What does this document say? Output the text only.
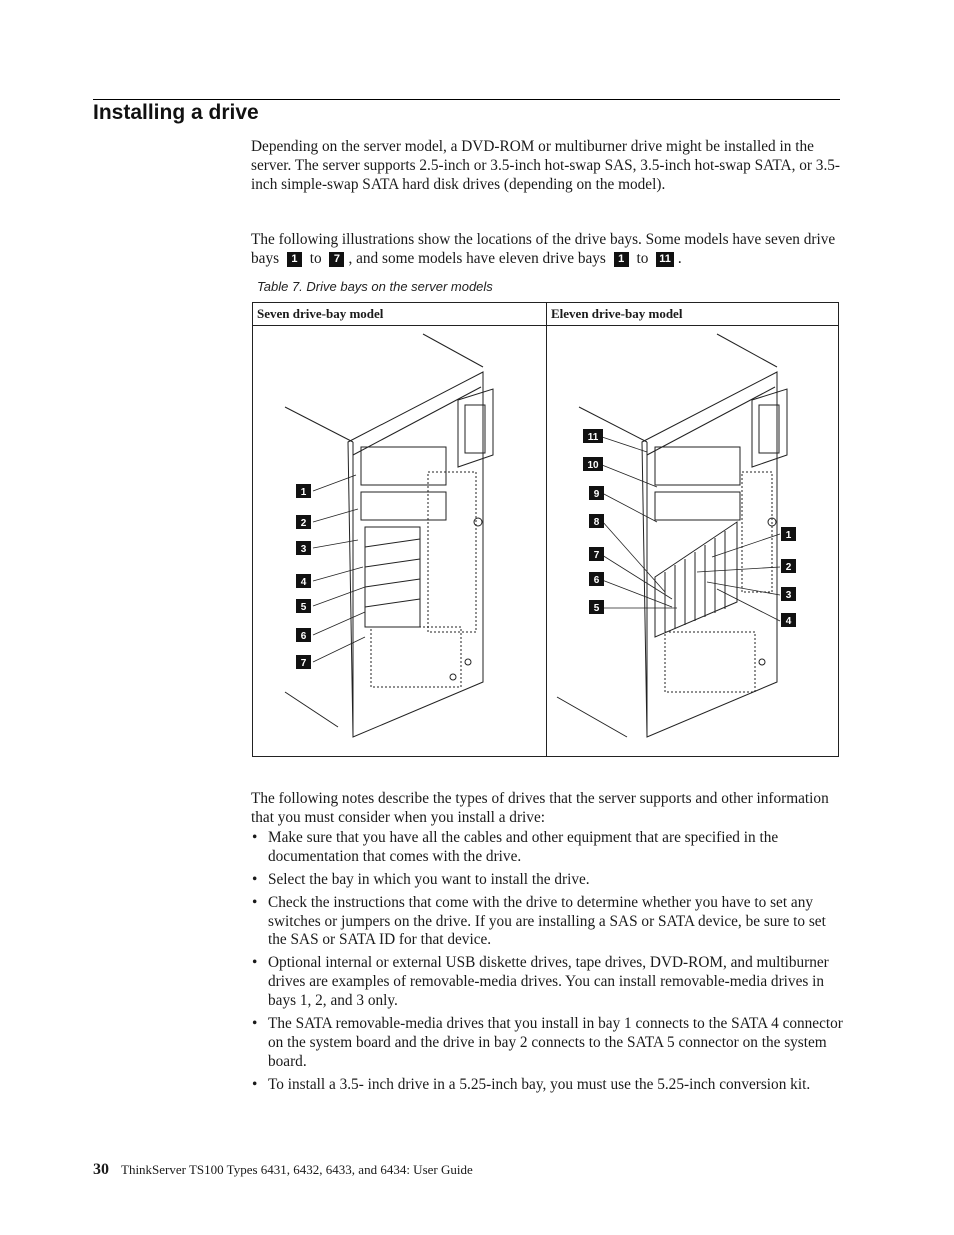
Installing a drive
Depending on the server model, a DVD-ROM or multiburner drive might be installed in the server. The server supports 2.5-inch or 3.5-inch hot-swap SAS, 3.5-inch hot-swap SATA, or 3.5-inch simple-swap SATA hard disk drives (depending on the model).
The following illustrations show the locations of the drive bays. Some models have seven drive bays 1 to 7 , and some models have eleven drive bays 1 to 11 .
Table 7. Drive bays on the server models
Seven drive-bay model	Eleven drive-bay model
1
2
3
4
5
6
7
11
10
9
8
7
6
5
1
2
3
4
The following notes describe the types of drives that the server supports and other information that you must consider when you install a drive:
• Make sure that you have all the cables and other equipment that are specified in the documentation that comes with the drive.
• Select the bay in which you want to install the drive.
• Check the instructions that come with the drive to determine whether you have to set any switches or jumpers on the drive. If you are installing a SAS or SATA device, be sure to set the SAS or SATA ID for that device.
• Optional internal or external USB diskette drives, tape drives, DVD-ROM, and multiburner drives are examples of removable-media drives. You can install removable-media drives in bays 1, 2, and 3 only.
• The SATA removable-media drives that you install in bay 1 connects to the SATA 4 connector on the system board and the drive in bay 2 connects to the SATA 5 connector on the system board.
• To install a 3.5- inch drive in a 5.25-inch bay, you must use the 5.25-inch conversion kit.
30 ThinkServer TS100 Types 6431, 6432, 6433, and 6434: User Guide
